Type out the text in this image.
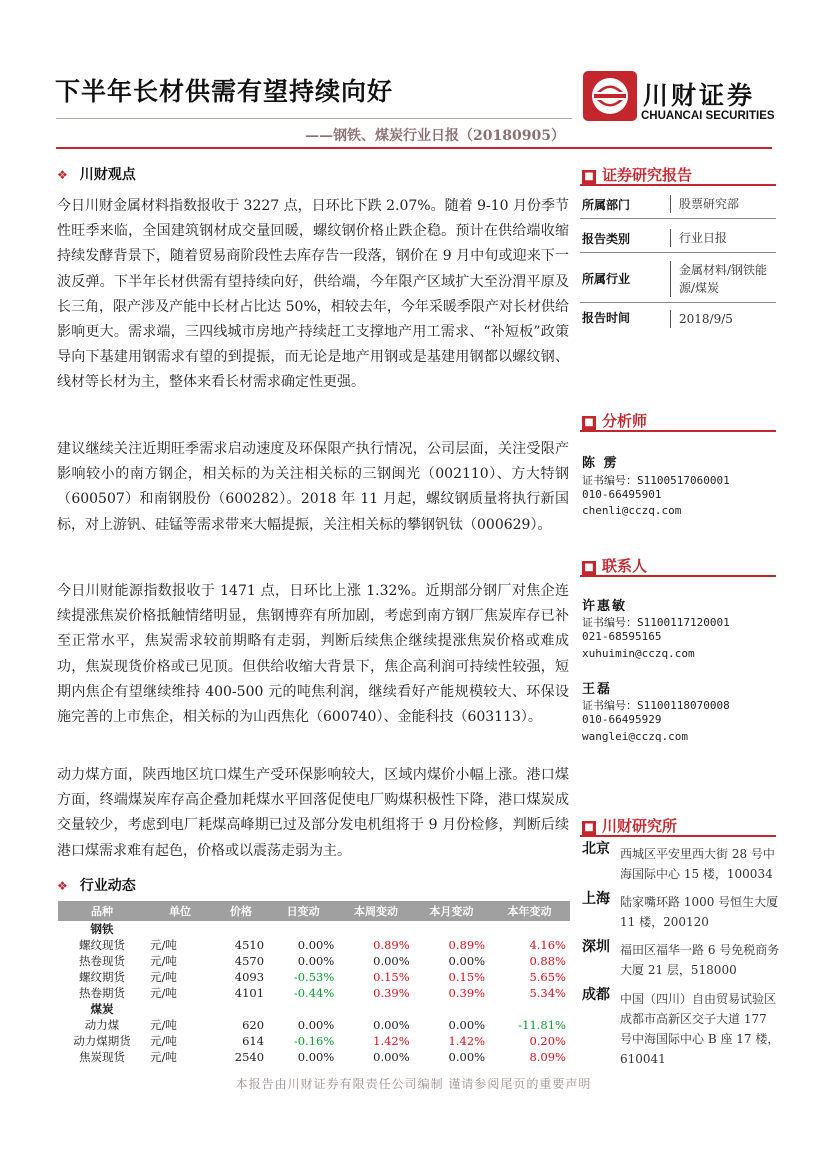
下半年长材供需有望持续向好
——钢铁、煤炭行业日报（20180905）
川财证券
CHUANCAI SECURITIES
❖ 川财观点
今日川财金属材料指数报收于 3227 点，日环比下跌 2.07%。随着 9-10 月份季节性旺季来临，全国建筑钢材成交量回暖，螺纹钢价格止跌企稳。预计在供给端收缩持续发酵背景下，随着贸易商阶段性去库存告一段落，钢价在 9 月中旬或迎来下一波反弹。下半年长材供需有望持续向好，供给端，今年限产区域扩大至汾渭平原及长三角，限产涉及产能中长材占比达 50%，相较去年，今年采暖季限产对长材供给影响更大。需求端，三四线城市房地产持续赶工支撑地产用工需求、“补短板”政策导向下基建用钢需求有望的到提振，而无论是地产用钢或是基建用钢都以螺纹钢、线材等长材为主，整体来看长材需求确定性更强。
建议继续关注近期旺季需求启动速度及环保限产执行情况，公司层面，关注受限产影响较小的南方钢企，相关标的为关注相关标的三钢闽光（002110）、方大特钢（600507）和南钢股份（600282）。2018 年 11 月起，螺纹钢质量将执行新国标，对上游钒、硅锰等需求带来大幅提振，关注相关标的攀钢钒钛（000629）。
今日川财能源指数报收于 1471 点，日环比上涨 1.32%。近期部分钢厂对焦企连续提涨焦炭价格抵触情绪明显，焦钢博弈有所加剧，考虑到南方钢厂焦炭库存已补至正常水平，焦炭需求较前期略有走弱，判断后续焦企继续提涨焦炭价格或难成功，焦炭现货价格或已见顶。但供给收缩大背景下，焦企高利润可持续性较强，短期内焦企有望继续维持 400-500 元的吨焦利润，继续看好产能规模较大、环保设施完善的上市焦企，相关标的为山西焦化（600740）、金能科技（603113）。
动力煤方面，陕西地区坑口煤生产受环保影响较大，区域内煤价小幅上涨。港口煤方面，终端煤炭库存高企叠加耗煤水平回落促使电厂购煤积极性下降，港口煤炭成交量较少，考虑到电厂耗煤高峰期已过及部分发电机组将于 9 月份检修，判断后续港口煤需求难有起色，价格或以震荡走弱为主。
❖ 行业动态
品种	单位	价格	日变动	本周变动	本月变动	本年变动
钢铁						
螺纹现货	元/吨	4510	0.00%	0.89%	0.89%	4.16%
热卷现货	元/吨	4570	0.00%	0.00%	0.00%	0.88%
螺纹期货	元/吨	4093	-0.53%	0.15%	0.15%	5.65%
热卷期货	元/吨	4101	-0.44%	0.39%	0.39%	5.34%
煤炭						
动力煤	元/吨	620	0.00%	0.00%	0.00%	-11.81%
动力煤期货	元/吨	614	-0.16%	1.42%	1.42%	0.20%
焦炭现货	元/吨	2540	0.00%	0.00%	0.00%	8.09%
■ 证券研究报告
所属部门	股票研究部
报告类别	行业日报
所属行业
金属材料/钢铁能源/煤炭
报告时间	2018/9/5
■ 分析师
陈 雳
证书编号：S1100517060001
010-66495901
chenli@cczq.com
■ 联系人
许惠敏
证书编号：S1100117120001
021-68595165
xuhuimin@cczq.com
王磊
证书编号：S1100118070008
010-66495929
wanglei@cczq.com
■ 川财研究所
北京 西城区平安里西大街 28 号中海国际中心 15 楼，100034
上海 陆家嘴环路 1000 号恒生大厦 11 楼，200120
深圳 福田区福华一路 6 号免税商务大厦 21 层，518000
成都 中国（四川）自由贸易试验区成都市高新区交子大道 177 号中海国际中心 B 座 17 楼，610041
本报告由川财证券有限责任公司编制 谨请参阅尾页的重要声明
